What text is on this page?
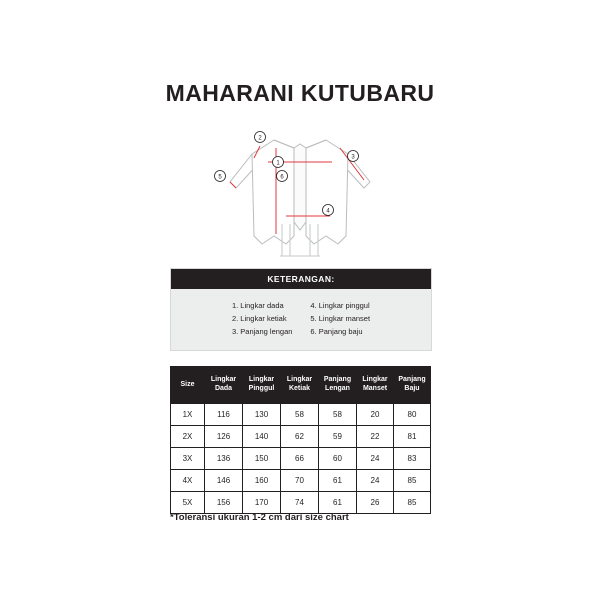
MAHARANI KUTUBARU
1
2
3
4
5	6
KETERANGAN:
1. Lingkar dada
2. Lingkar ketiak
3. Panjang lengan
4. Lingkar pinggul
5. Lingkar manset
6. Panjang baju
Size	Lingkar Dada	Lingkar Pinggul	Lingkar Ketiak	Panjang Lengan	Lingkar Manset	Panjang Baju
1X	116	130	58	58	20	80
2X	126	140	62	59	22	81
3X	136	150	66	60	24	83
4X	146	160	70	61	24	85
5X	156	170	74	61	26	85
*Toleransi ukuran 1-2 cm dari size chart
